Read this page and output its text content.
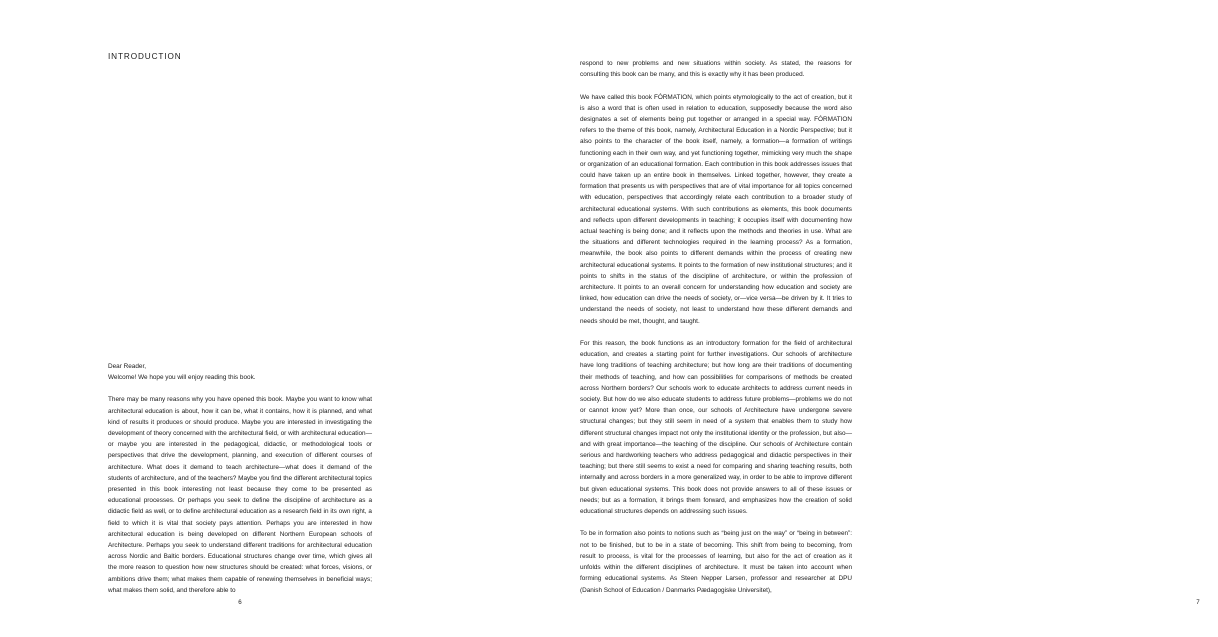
INTRODUCTION

Dear Reader,

Welcome! We hope you will enjoy reading this book.

There may be many reasons why you have opened this book. Maybe you want to know what architectural education is about, how it can be, what it contains, how it is planned, and what kind of results it produces or should produce. Maybe you are interested in investigating the development of theory concerned with the architectural field, or with architectural education—or maybe you are interested in the pedagogical, didactic, or methodological tools or perspectives that drive the development, planning, and execution of different courses of architecture. What does it demand to teach architecture—what does it demand of the students of architecture, and of the teachers? Maybe you find the different architectural topics presented in this book interesting not least because they come to be presented as educational processes. Or perhaps you seek to define the discipline of architecture as a didactic field as well, or to define architectural education as a research field in its own right, a field to which it is vital that society pays attention. Perhaps you are interested in how architectural education is being developed on different Northern European schools of Architecture. Perhaps you seek to understand different traditions for architectural education across Nordic and Baltic borders. Educational structures change over time, which gives all the more reason to question how new structures should be created: what forces, visions, or ambitions drive them; what makes them capable of renewing themselves in beneficial ways; what makes them solid, and therefore able to

6

respond to new problems and new situations within society. As stated, the reasons for consulting this book can be many, and this is exactly why it has been produced.

We have called this book FÓRMATION, which points etymologically to the act of creation, but it is also a word that is often used in relation to education, supposedly because the word also designates a set of elements being put together or arranged in a special way. FÓRMATION refers to the theme of this book, namely, Architectural Education in a Nordic Perspective; but it also points to the character of the book itself, namely, a formation—a formation of writings functioning each in their own way, and yet functioning together, mimicking very much the shape or organization of an educational formation. Each contribution in this book addresses issues that could have taken up an entire book in themselves. Linked together, however, they create a formation that presents us with perspectives that are of vital importance for all topics concerned with education, perspectives that accordingly relate each contribution to a broader study of architectural educational systems. With such contributions as elements, this book documents and reflects upon different developments in teaching; it occupies itself with documenting how actual teaching is being done; and it reflects upon the methods and theories in use. What are the situations and different technologies required in the learning process? As a formation, meanwhile, the book also points to different demands within the process of creating new architectural educational systems. It points to the formation of new institutional structures; and it points to shifts in the status of the discipline of architecture, or within the profession of architecture. It points to an overall concern for understanding how education and society are linked, how education can drive the needs of society, or—vice versa—be driven by it. It tries to understand the needs of society, not least to understand how these different demands and needs should be met, thought, and taught.

For this reason, the book functions as an introductory formation for the field of architectural education, and creates a starting point for further investigations. Our schools of architecture have long traditions of teaching architecture; but how long are their traditions of documenting their methods of teaching, and how can possibilities for comparisons of methods be created across Northern borders? Our schools work to educate architects to address current needs in society. But how do we also educate students to address future problems—problems we do not or cannot know yet? More than once, our schools of Architecture have undergone severe structural changes; but they still seem in need of a system that enables them to study how different structural changes impact not only the institutional identity or the profession, but also—and with great importance—the teaching of the discipline. Our schools of Architecture contain serious and hardworking teachers who address pedagogical and didactic perspectives in their teaching; but there still seems to exist a need for comparing and sharing teaching results, both internally and across borders in a more generalized way, in order to be able to improve different but given educational systems. This book does not provide answers to all of these issues or needs; but as a formation, it brings them forward, and emphasizes how the creation of solid educational structures depends on addressing such issues.

To be in formation also points to notions such as “being just on the way” or “being in between”: not to be finished, but to be in a state of becoming. This shift from being to becoming, from result to process, is vital for the processes of learning, but also for the act of creation as it unfolds within the different disciplines of architecture. It must be taken into account when forming educational systems. As Steen Nepper Larsen, professor and researcher at DPU (Danish School of Education / Danmarks Pædagogiske Universitet),

7
